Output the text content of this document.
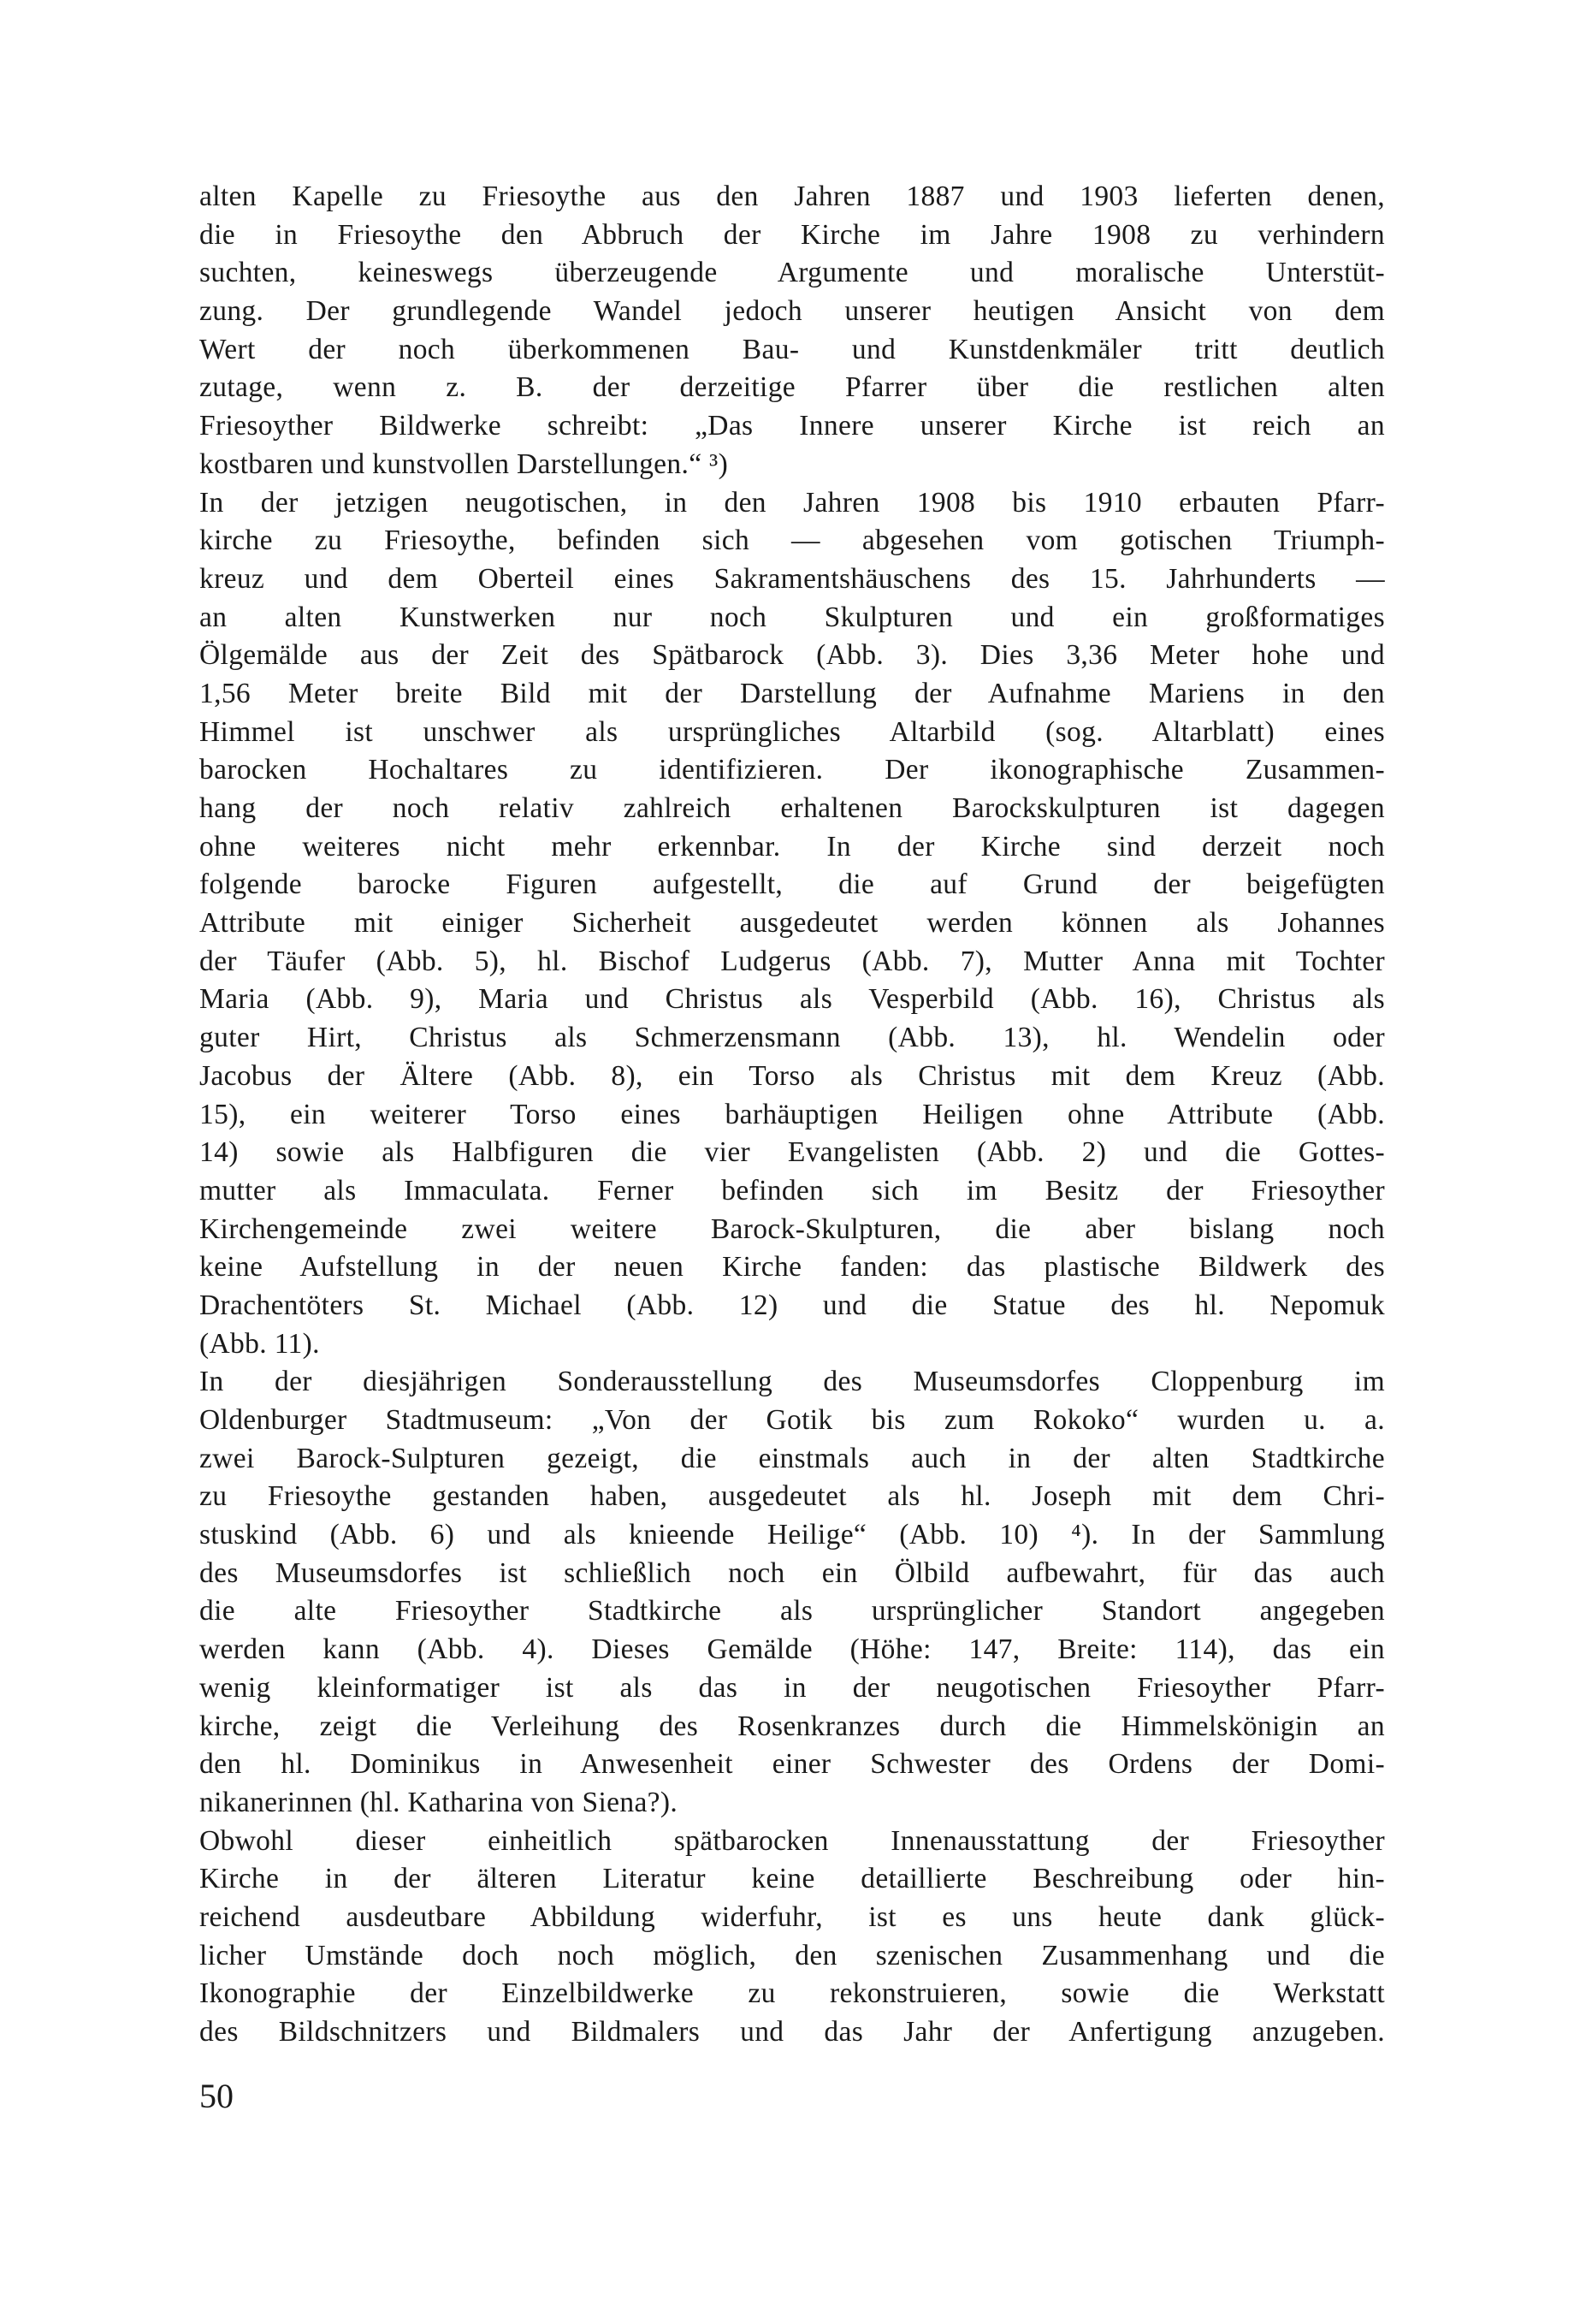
alten Kapelle zu Friesoythe aus den Jahren 1887 und 1903 lieferten denen,
die in Friesoythe den Abbruch der Kirche im Jahre 1908 zu verhindern
suchten, keineswegs überzeugende Argumente und moralische Unterstüt-
zung. Der grundlegende Wandel jedoch unserer heutigen Ansicht von dem
Wert der noch überkommenen Bau- und Kunstdenkmäler tritt deutlich
zutage, wenn z. B. der derzeitige Pfarrer über die restlichen alten
Friesoyther Bildwerke schreibt: „Das Innere unserer Kirche ist reich an
kostbaren und kunstvollen Darstellungen.“ ³)
In der jetzigen neugotischen, in den Jahren 1908 bis 1910 erbauten Pfarr-
kirche zu Friesoythe, befinden sich — abgesehen vom gotischen Triumph-
kreuz und dem Oberteil eines Sakramentshäuschens des 15. Jahrhunderts —
an alten Kunstwerken nur noch Skulpturen und ein großformatiges
Ölgemälde aus der Zeit des Spätbarock (Abb. 3). Dies 3,36 Meter hohe und
1,56 Meter breite Bild mit der Darstellung der Aufnahme Mariens in den
Himmel ist unschwer als ursprüngliches Altarbild (sog. Altarblatt) eines
barocken Hochaltares zu identifizieren. Der ikonographische Zusammen-
hang der noch relativ zahlreich erhaltenen Barockskulpturen ist dagegen
ohne weiteres nicht mehr erkennbar. In der Kirche sind derzeit noch
folgende barocke Figuren aufgestellt, die auf Grund der beigefügten
Attribute mit einiger Sicherheit ausgedeutet werden können als Johannes
der Täufer (Abb. 5), hl. Bischof Ludgerus (Abb. 7), Mutter Anna mit Tochter
Maria (Abb. 9), Maria und Christus als Vesperbild (Abb. 16), Christus als
guter Hirt, Christus als Schmerzensmann (Abb. 13), hl. Wendelin oder
Jacobus der Ältere (Abb. 8), ein Torso als Christus mit dem Kreuz (Abb.
15), ein weiterer Torso eines barhäuptigen Heiligen ohne Attribute (Abb.
14) sowie als Halbfiguren die vier Evangelisten (Abb. 2) und die Gottes-
mutter als Immaculata. Ferner befinden sich im Besitz der Friesoyther
Kirchengemeinde zwei weitere Barock-Skulpturen, die aber bislang noch
keine Aufstellung in der neuen Kirche fanden: das plastische Bildwerk des
Drachentöters St. Michael (Abb. 12) und die Statue des hl. Nepomuk
(Abb. 11).
In der diesjährigen Sonderausstellung des Museumsdorfes Cloppenburg im
Oldenburger Stadtmuseum: „Von der Gotik bis zum Rokoko“ wurden u. a.
zwei Barock-Sulpturen gezeigt, die einstmals auch in der alten Stadtkirche
zu Friesoythe gestanden haben, ausgedeutet als hl. Joseph mit dem Chri-
stuskind (Abb. 6) und als knieende Heilige“ (Abb. 10) ⁴). In der Sammlung
des Museumsdorfes ist schließlich noch ein Ölbild aufbewahrt, für das auch
die alte Friesoyther Stadtkirche als ursprünglicher Standort angegeben
werden kann (Abb. 4). Dieses Gemälde (Höhe: 147, Breite: 114), das ein
wenig kleinformatiger ist als das in der neugotischen Friesoyther Pfarr-
kirche, zeigt die Verleihung des Rosenkranzes durch die Himmelskönigin an
den hl. Dominikus in Anwesenheit einer Schwester des Ordens der Domi-
nikanerinnen (hl. Katharina von Siena?).
Obwohl dieser einheitlich spätbarocken Innenausstattung der Friesoyther
Kirche in der älteren Literatur keine detaillierte Beschreibung oder hin-
reichend ausdeutbare Abbildung widerfuhr, ist es uns heute dank glück-
licher Umstände doch noch möglich, den szenischen Zusammenhang und die
Ikonographie der Einzelbildwerke zu rekonstruieren, sowie die Werkstatt
des Bildschnitzers und Bildmalers und das Jahr der Anfertigung anzugeben.
50
